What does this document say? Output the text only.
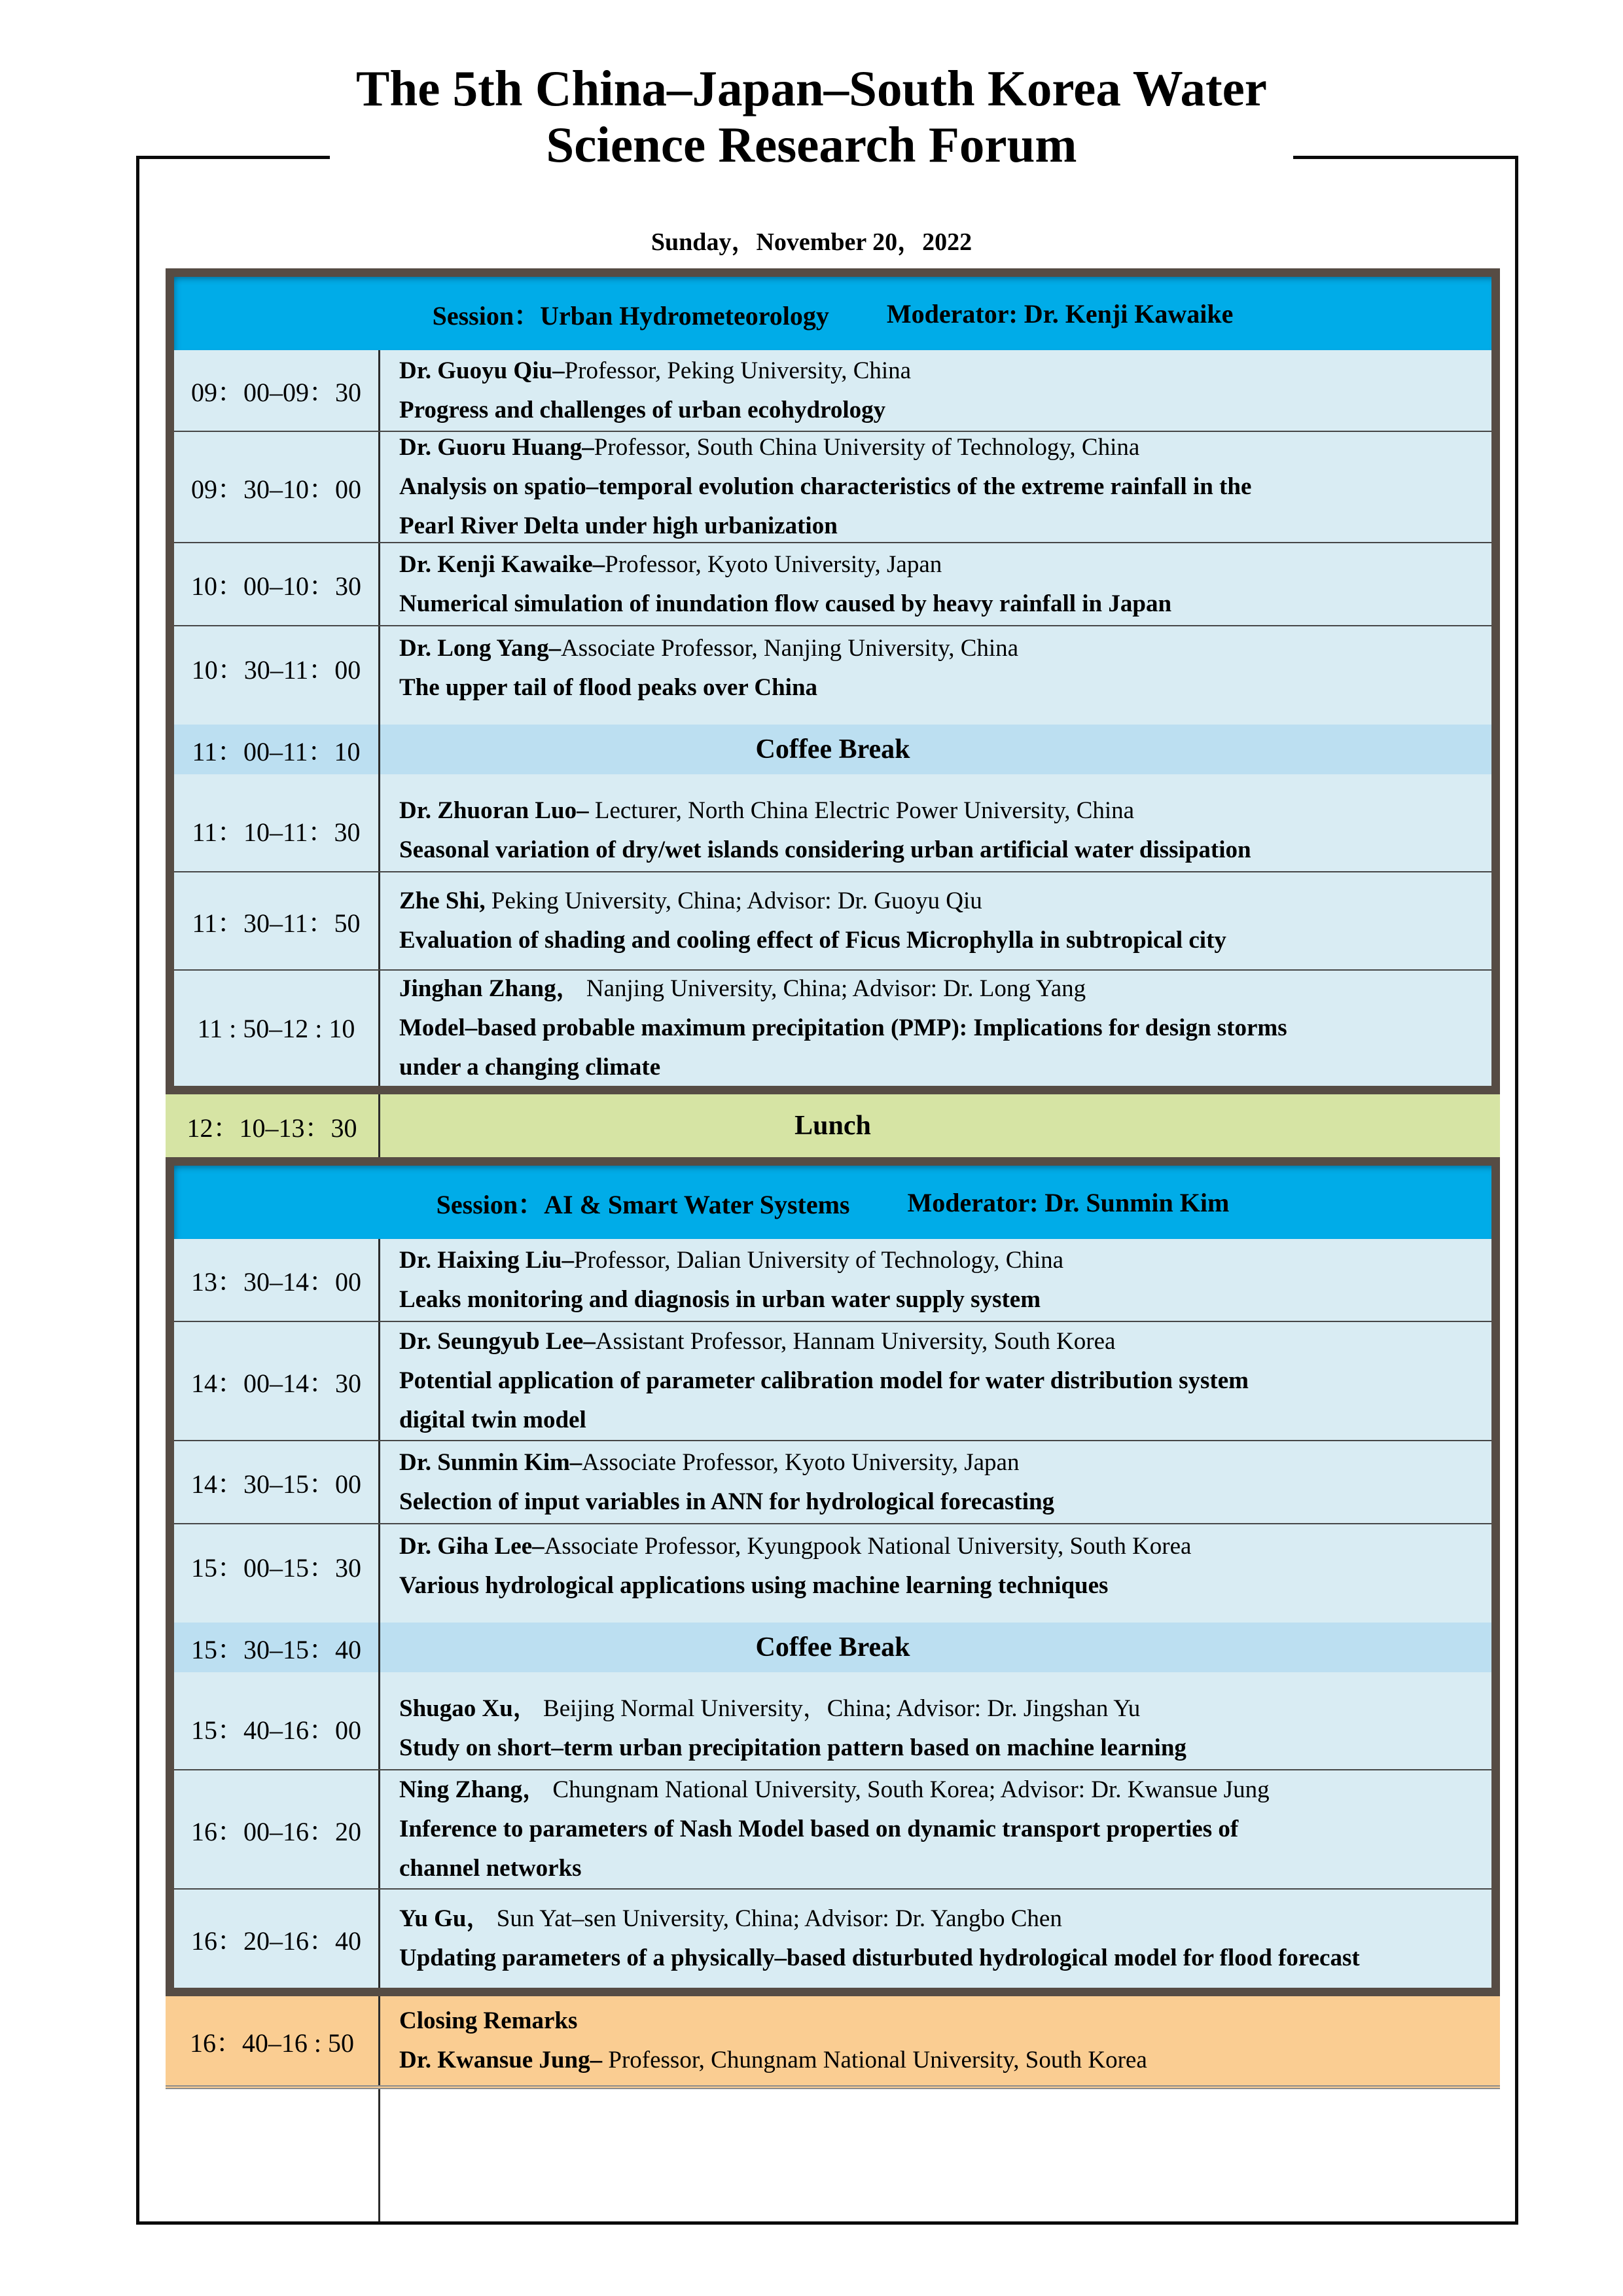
The 5th China–Japan–South Korea Water
Science Research Forum
Sunday，November 20，2022
Session：Urban Hydrometeorology Moderator: Dr. Kenji Kawaike
09：00–09：30
Dr. Guoyu Qiu–Professor, Peking University, China
Progress and challenges of urban ecohydrology
09：30–10：00
Dr. Guoru Huang–Professor, South China University of Technology, China
Analysis on spatio–temporal evolution characteristics of the extreme rainfall in the
Pearl River Delta under high urbanization
10：00–10：30
Dr. Kenji Kawaike–Professor, Kyoto University, Japan
Numerical simulation of inundation flow caused by heavy rainfall in Japan
10：30–11：00
Dr. Long Yang–Associate Professor, Nanjing University, China
The upper tail of flood peaks over China
11：00–11：10	Coffee Break
11：10–11：30
Dr. Zhuoran Luo– Lecturer, North China Electric Power University, China
Seasonal variation of dry/wet islands considering urban artificial water dissipation
11：30–11：50
Zhe Shi, Peking University, China; Advisor: Dr. Guoyu Qiu
Evaluation of shading and cooling effect of Ficus Microphylla in subtropical city
11 : 50–12 : 10
Jinghan Zhang， Nanjing University, China; Advisor: Dr. Long Yang
Model–based probable maximum precipitation (PMP): Implications for design storms
under a changing climate
12：10–13：30	Lunch
Session：AI & Smart Water Systems Moderator: Dr. Sunmin Kim
13：30–14：00
Dr. Haixing Liu–Professor, Dalian University of Technology, China
Leaks monitoring and diagnosis in urban water supply system
14：00–14：30
Dr. Seungyub Lee–Assistant Professor, Hannam University, South Korea
Potential application of parameter calibration model for water distribution system
digital twin model
14：30–15：00
Dr. Sunmin Kim–Associate Professor, Kyoto University, Japan
Selection of input variables in ANN for hydrological forecasting
15：00–15：30
Dr. Giha Lee–Associate Professor, Kyungpook National University, South Korea
Various hydrological applications using machine learning techniques
15：30–15：40	Coffee Break
15：40–16：00
Shugao Xu， Beijing Normal University，China; Advisor: Dr. Jingshan Yu
Study on short–term urban precipitation pattern based on machine learning
16：00–16：20
Ning Zhang， Chungnam National University, South Korea; Advisor: Dr. Kwansue Jung
Inference to parameters of Nash Model based on dynamic transport properties of
channel networks
16：20–16：40
Yu Gu， Sun Yat–sen University, China; Advisor: Dr. Yangbo Chen
Updating parameters of a physically–based disturbuted hydrological model for flood forecast
16：40–16 : 50
Closing Remarks
Dr. Kwansue Jung– Professor, Chungnam National University, South Korea
